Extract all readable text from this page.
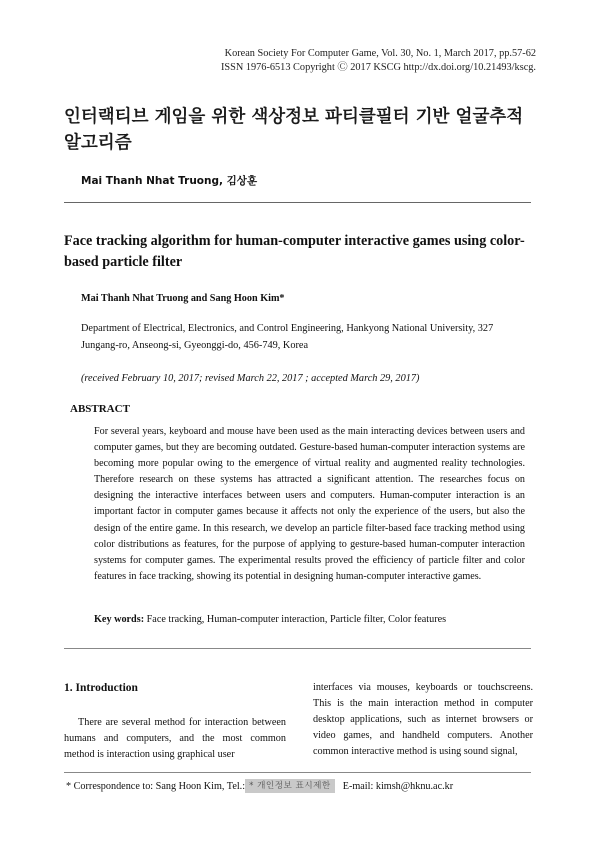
Korean Society For Computer Game, Vol. 30, No. 1, March 2017, pp.57-62
ISSN 1976-6513 Copyright Ⓒ 2017 KSCG http://dx.doi.org/10.21493/kscg.
인터랙티브 게임을 위한 색상정보 파티클필터 기반 얼굴추적 알고리즘
Mai Thanh Nhat Truong, 김상훈
Face tracking algorithm for human-computer interactive games using color-based particle filter
Mai Thanh Nhat Truong and Sang Hoon Kim*
Department of Electrical, Electronics, and Control Engineering, Hankyong National University, 327 Jungang-ro, Anseong-si, Gyeonggi-do, 456-749, Korea
(received February 10, 2017; revised March 22, 2017 ; accepted March 29, 2017)
ABSTRACT
For several years, keyboard and mouse have been used as the main interacting devices between users and computer games, but they are becoming outdated. Gesture-based human-computer interaction systems are becoming more popular owing to the emergence of virtual reality and augmented reality technologies. Therefore research on these systems has attracted a significant attention. The researches focus on designing the interactive interfaces between users and computers. Human-computer interaction is an important factor in computer games because it affects not only the experience of the users, but also the design of the entire game. In this research, we develop an particle filter-based face tracking method using color distributions as features, for the purpose of applying to gesture-based human-computer interaction systems for computer games. The experimental results proved the efficiency of particle filter and color features in face tracking, showing its potential in designing human-computer interactive games.
Key words: Face tracking, Human-computer interaction, Particle filter, Color features
1. Introduction
There are several method for interaction between humans and computers, and the most common method is interaction using graphical user
interfaces via mouses, keyboards or touchscreens. This is the main interaction method in computer desktop applications, such as internet browsers or video games, and handheld computers. Another common interactive method is using sound signal,
* Correspondence to: Sang Hoon Kim, Tel.: * 개인정보 표시제한 E-mail: kimsh@hknu.ac.kr
